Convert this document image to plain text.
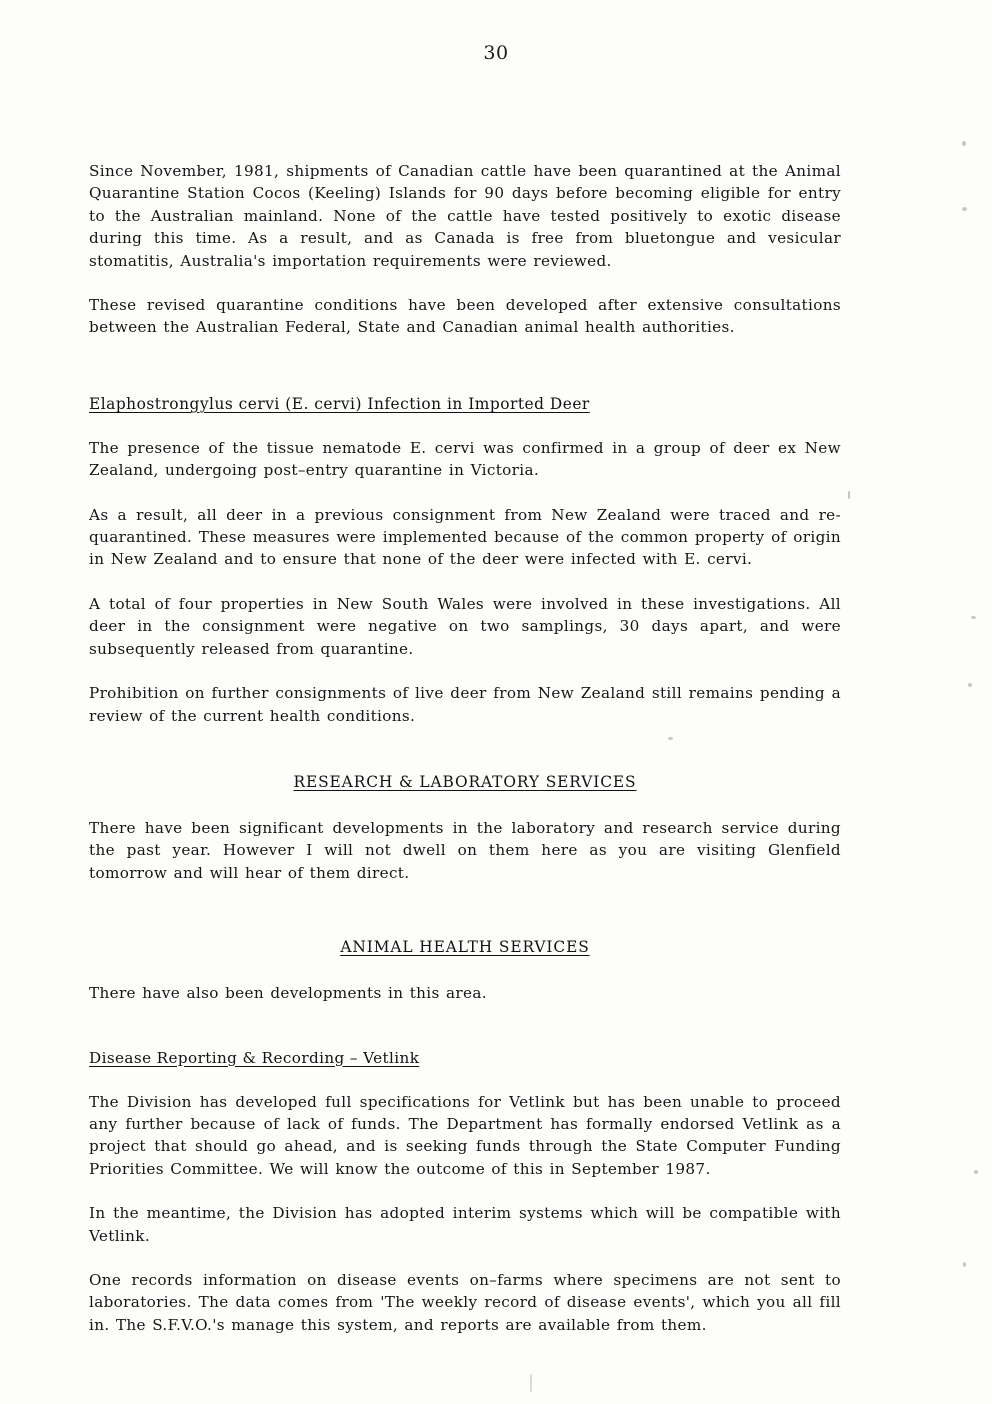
30

Since November, 1981, shipments of Canadian cattle have been quarantined at the Animal Quarantine Station Cocos (Keeling) Islands for 90 days before becoming eligible for entry to the Australian mainland. None of the cattle have tested positively to exotic disease during this time. As a result, and as Canada is free from bluetongue and vesicular stomatitis, Australia's importation requirements were reviewed.

These revised quarantine conditions have been developed after extensive consultations between the Australian Federal, State and Canadian animal health authorities.

Elaphostrongylus cervi (E. cervi) Infection in Imported Deer

The presence of the tissue nematode E. cervi was confirmed in a group of deer ex New Zealand, undergoing post–entry quarantine in Victoria.

As a result, all deer in a previous consignment from New Zealand were traced and re-quarantined. These measures were implemented because of the common property of origin in New Zealand and to ensure that none of the deer were infected with E. cervi.

A total of four properties in New South Wales were involved in these investigations. All deer in the consignment were negative on two samplings, 30 days apart, and were subsequently released from quarantine.

Prohibition on further consignments of live deer from New Zealand still remains pending a review of the current health conditions.

RESEARCH & LABORATORY SERVICES

There have been significant developments in the laboratory and research service during the past year. However I will not dwell on them here as you are visiting Glenfield tomorrow and will hear of them direct.

ANIMAL HEALTH SERVICES

There have also been developments in this area.

Disease Reporting & Recording – Vetlink

The Division has developed full specifications for Vetlink but has been unable to proceed any further because of lack of funds. The Department has formally endorsed Vetlink as a project that should go ahead, and is seeking funds through the State Computer Funding Priorities Committee. We will know the outcome of this in September 1987.

In the meantime, the Division has adopted interim systems which will be compatible with Vetlink.

One records information on disease events on–farms where specimens are not sent to laboratories. The data comes from 'The weekly record of disease events', which you all fill in. The S.F.V.O.'s manage this system, and reports are available from them.
